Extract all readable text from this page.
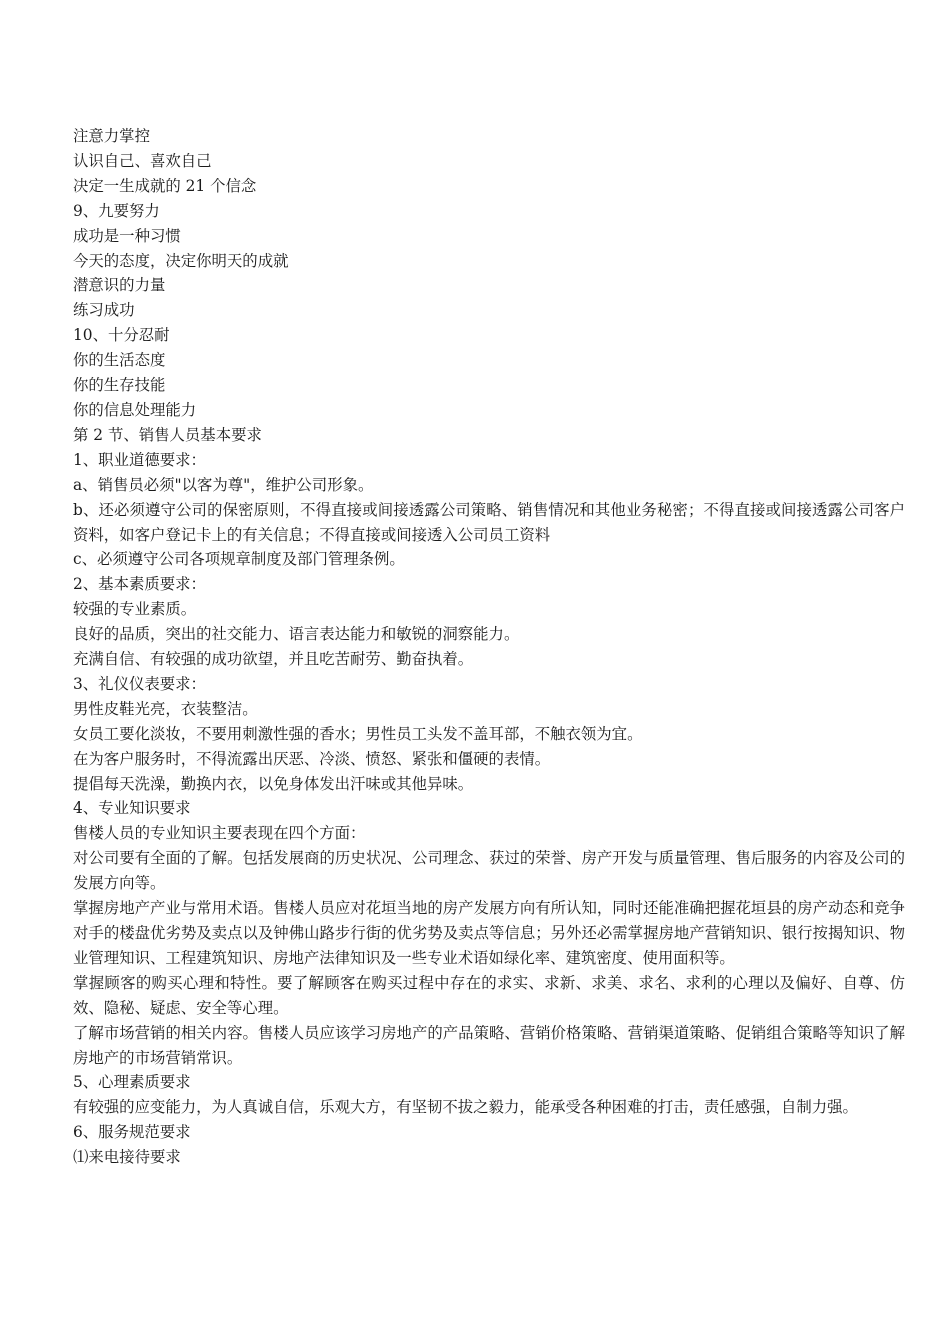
注意力掌控

认识自己、喜欢自己

决定一生成就的 21 个信念

9、九要努力

成功是一种习惯

今天的态度，决定你明天的成就

潜意识的力量

练习成功

10、十分忍耐

你的生活态度

你的生存技能

你的信息处理能力

第 2 节、销售人员基本要求

1、职业道德要求：

a、销售员必须"以客为尊"，维护公司形象。

b、还必须遵守公司的保密原则，不得直接或间接透露公司策略、销售情况和其他业务秘密；不得直接或间接透露公司客户资料，如客户登记卡上的有关信息；不得直接或间接透入公司员工资料

c、必须遵守公司各项规章制度及部门管理条例。

2、基本素质要求：

较强的专业素质。

良好的品质，突出的社交能力、语言表达能力和敏锐的洞察能力。

充满自信、有较强的成功欲望，并且吃苦耐劳、勤奋执着。

3、礼仪仪表要求：

男性皮鞋光亮，衣装整洁。

女员工要化淡妆，不要用刺激性强的香水；男性员工头发不盖耳部，不触衣领为宜。

在为客户服务时，不得流露出厌恶、冷淡、愤怒、紧张和僵硬的表情。

提倡每天洗澡，勤换内衣，以免身体发出汗味或其他异味。

4、专业知识要求

售楼人员的专业知识主要表现在四个方面：

对公司要有全面的了解。包括发展商的历史状况、公司理念、获过的荣誉、房产开发与质量管理、售后服务的内容及公司的发展方向等。

掌握房地产产业与常用术语。售楼人员应对花垣当地的房产发展方向有所认知，同时还能准确把握花垣县的房产动态和竞争对手的楼盘优劣势及卖点以及钟佛山路步行街的优劣势及卖点等信息；另外还必需掌握房地产营销知识、银行按揭知识、物业管理知识、工程建筑知识、房地产法律知识及一些专业术语如绿化率、建筑密度、使用面积等。

掌握顾客的购买心理和特性。要了解顾客在购买过程中存在的求实、求新、求美、求名、求利的心理以及偏好、自尊、仿效、隐秘、疑虑、安全等心理。

了解市场营销的相关内容。售楼人员应该学习房地产的产品策略、营销价格策略、营销渠道策略、促销组合策略等知识了解房地产的市场营销常识。

5、心理素质要求

有较强的应变能力，为人真诚自信，乐观大方，有坚韧不拔之毅力，能承受各种困难的打击，责任感强，自制力强。

6、服务规范要求

⑴来电接待要求
